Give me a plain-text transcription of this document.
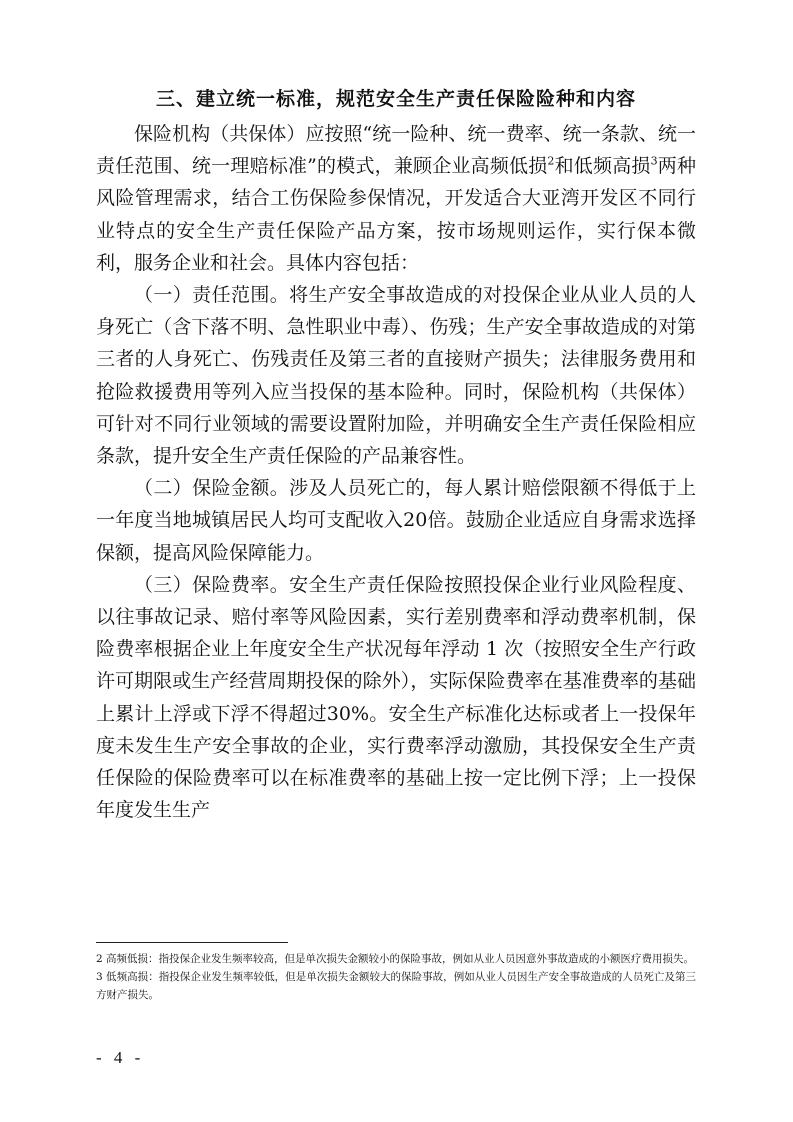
三、建立统一标准，规范安全生产责任保险险种和内容

保险机构（共保体）应按照“统一险种、统一费率、统一条款、统一责任范围、统一理赔标准”的模式，兼顾企业高频低损$^2$和低频高损$^3$两种风险管理需求，结合工伤保险参保情况，开发适合大亚湾开发区不同行业特点的安全生产责任保险产品方案，按市场规则运作，实行保本微利，服务企业和社会。具体内容包括：

（一）责任范围。将生产安全事故造成的对投保企业从业人员的人身死亡（含下落不明、急性职业中毒）、伤残；生产安全事故造成的对第三者的人身死亡、伤残责任及第三者的直接财产损失；法律服务费用和抢险救援费用等列入应当投保的基本险种。同时，保险机构（共保体）可针对不同行业领域的需要设置附加险，并明确安全生产责任保险相应条款，提升安全生产责任保险的产品兼容性。

（二）保险金额。涉及人员死亡的，每人累计赔偿限额不得低于上一年度当地城镇居民人均可支配收入20倍。鼓励企业适应自身需求选择保额，提高风险保障能力。

（三）保险费率。安全生产责任保险按照投保企业行业风险程度、以往事故记录、赔付率等风险因素，实行差别费率和浮动费率机制，保险费率根据企业上年度安全生产状况每年浮动 1 次（按照安全生产行政许可期限或生产经营周期投保的除外），实际保险费率在基准费率的基础上累计上浮或下浮不得超过30%。安全生产标准化达标或者上一投保年度未发生生产安全事故的企业，实行费率浮动激励，其投保安全生产责任保险的保险费率可以在标准费率的基础上按一定比例下浮；上一投保年度发生生产

2 高频低损：指投保企业发生频率较高，但是单次损失金额较小的保险事故，例如从业人员因意外事故造成的小额医疗费用损失。

3 低频高损：指投保企业发生频率较低，但是单次损失金额较大的保险事故，例如从业人员因生产安全事故造成的人员死亡及第三方财产损失。

- 4 -
